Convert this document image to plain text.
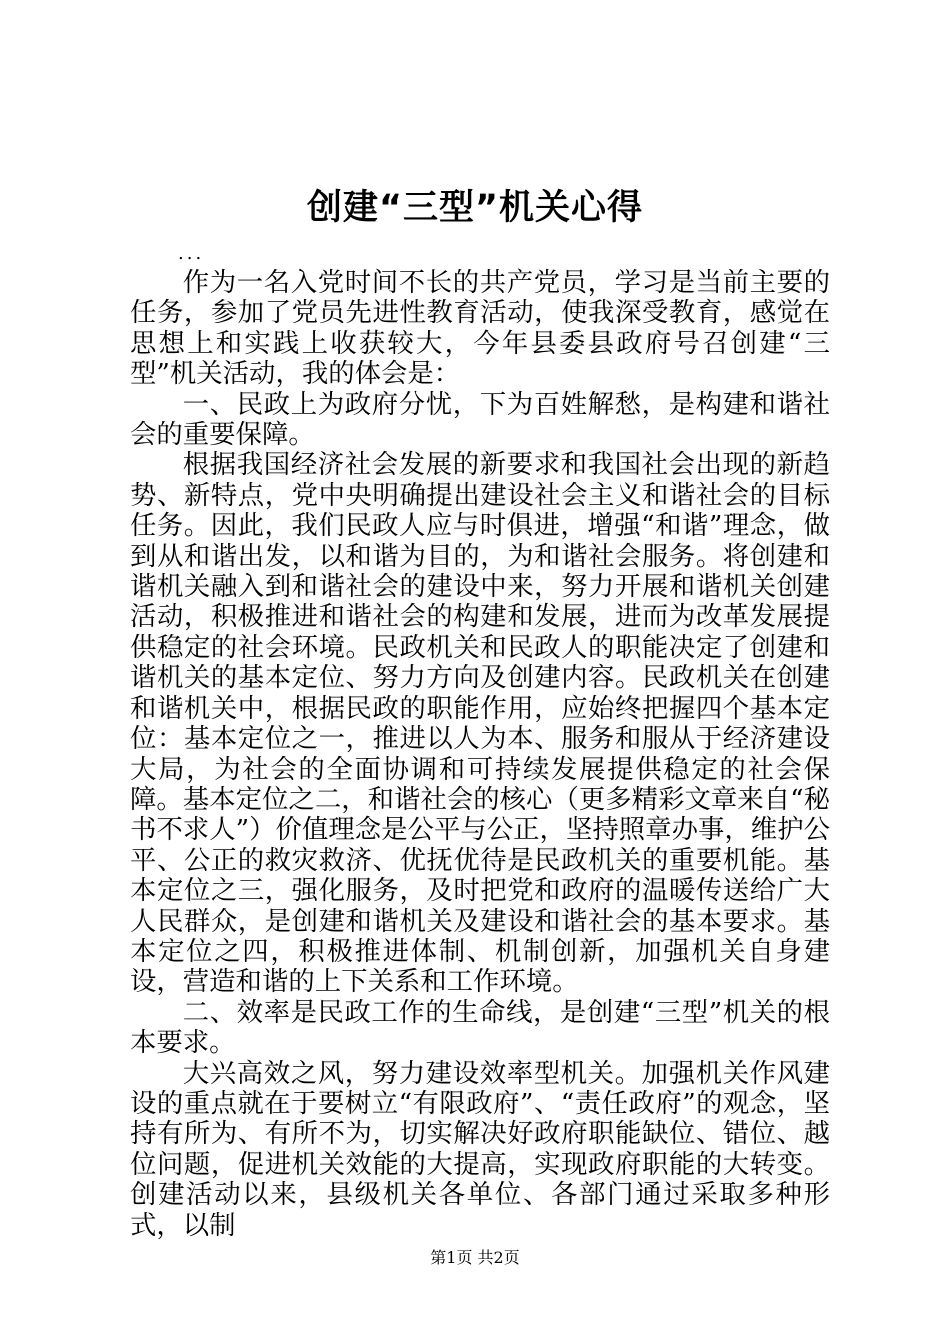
创建“三型”机关心得
...

作为一名入党时间不长的共产党员，学习是当前主要的任务，参加了党员先进性教育活动，使我深受教育，感觉在思想上和实践上收获较大，今年县委县政府号召创建“三型”机关活动，我的体会是：

一、民政上为政府分忧，下为百姓解愁，是构建和谐社会的重要保障。

根据我国经济社会发展的新要求和我国社会出现的新趋势、新特点，党中央明确提出建设社会主义和谐社会的目标任务。因此，我们民政人应与时俱进，增强“和谐”理念，做到从和谐出发，以和谐为目的，为和谐社会服务。将创建和谐机关融入到和谐社会的建设中来，努力开展和谐机关创建活动，积极推进和谐社会的构建和发展，进而为改革发展提供稳定的社会环境。民政机关和民政人的职能决定了创建和谐机关的基本定位、努力方向及创建内容。民政机关在创建和谐机关中，根据民政的职能作用，应始终把握四个基本定位：基本定位之一，推进以人为本、服务和服从于经济建设大局，为社会的全面协调和可持续发展提供稳定的社会保障。基本定位之二，和谐社会的核心（更多精彩文章来自“秘书不求人”）价值理念是公平与公正，坚持照章办事，维护公平、公正的救灾救济、优抚优待是民政机关的重要机能。基本定位之三，强化服务，及时把党和政府的温暖传送给广大人民群众，是创建和谐机关及建设和谐社会的基本要求。基本定位之四，积极推进体制、机制创新，加强机关自身建设，营造和谐的上下关系和工作环境。

二、效率是民政工作的生命线，是创建“三型”机关的根本要求。

大兴高效之风，努力建设效率型机关。加强机关作风建设的重点就在于要树立“有限政府”、“责任政府”的观念，坚持有所为、有所不为，切实解决好政府职能缺位、错位、越位问题，促进机关效能的大提高，实现政府职能的大转变。创建活动以来，县级机关各单位、各部门通过采取多种形式，以制

第1页 共2页
